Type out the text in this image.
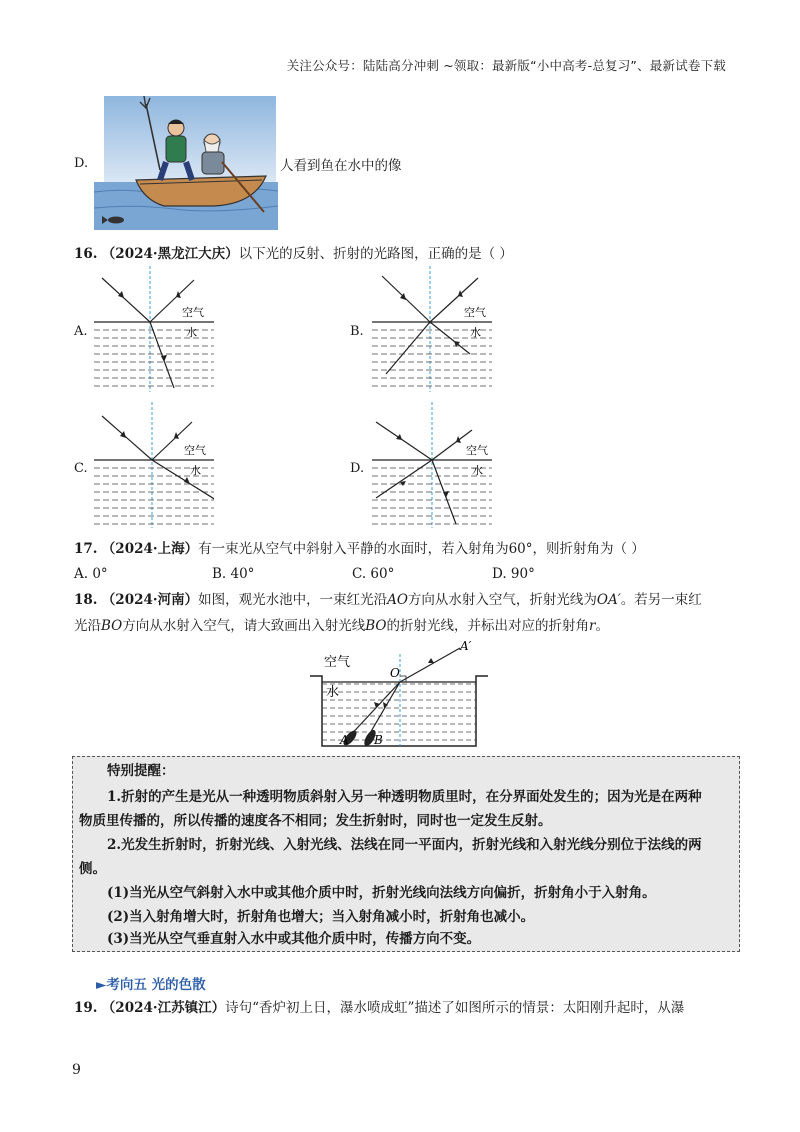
关注公众号：陆陆高分冲刺 ~领取：最新版“小中高考-总复习”、最新试卷下载
D.	人看到鱼在水中的像
16. （2024·黑龙江大庆）以下光的反射、折射的光路图，正确的是（ ）
A.
空气
水	B.
空气
水
C.
空气
水	D.
空气
水
17. （2024·上海）有一束光从空气中斜射入平静的水面时，若入射角为60°，则折射角为（ ）
A. 0°	B. 40°	C. 60°	D. 90°
18. （2024·河南）如图，观光水池中，一束红光沿AO方向从水射入空气，折射光线为OA′。若另一束红
光沿BO方向从水射入空气，请大致画出入射光线BO的折射光线，并标出对应的折射角r。
空气
水
O
A′
A B
特别提醒：
1.折射的产生是光从一种透明物质斜射入另一种透明物质里时，在分界面处发生的；因为光是在两种
物质里传播的，所以传播的速度各不相同；发生折射时，同时也一定发生反射。
2.光发生折射时，折射光线、入射光线、法线在同一平面内，折射光线和入射光线分别位于法线的两
侧。
(1)当光从空气斜射入水中或其他介质中时，折射光线向法线方向偏折，折射角小于入射角。
(2)当入射角增大时，折射角也增大；当入射角减小时，折射角也减小。
(3)当光从空气垂直射入水中或其他介质中时，传播方向不变。
►考向五 光的色散
19. （2024·江苏镇江）诗句“香炉初上日，瀑水喷成虹”描述了如图所示的情景：太阳刚升起时，从瀑
9
